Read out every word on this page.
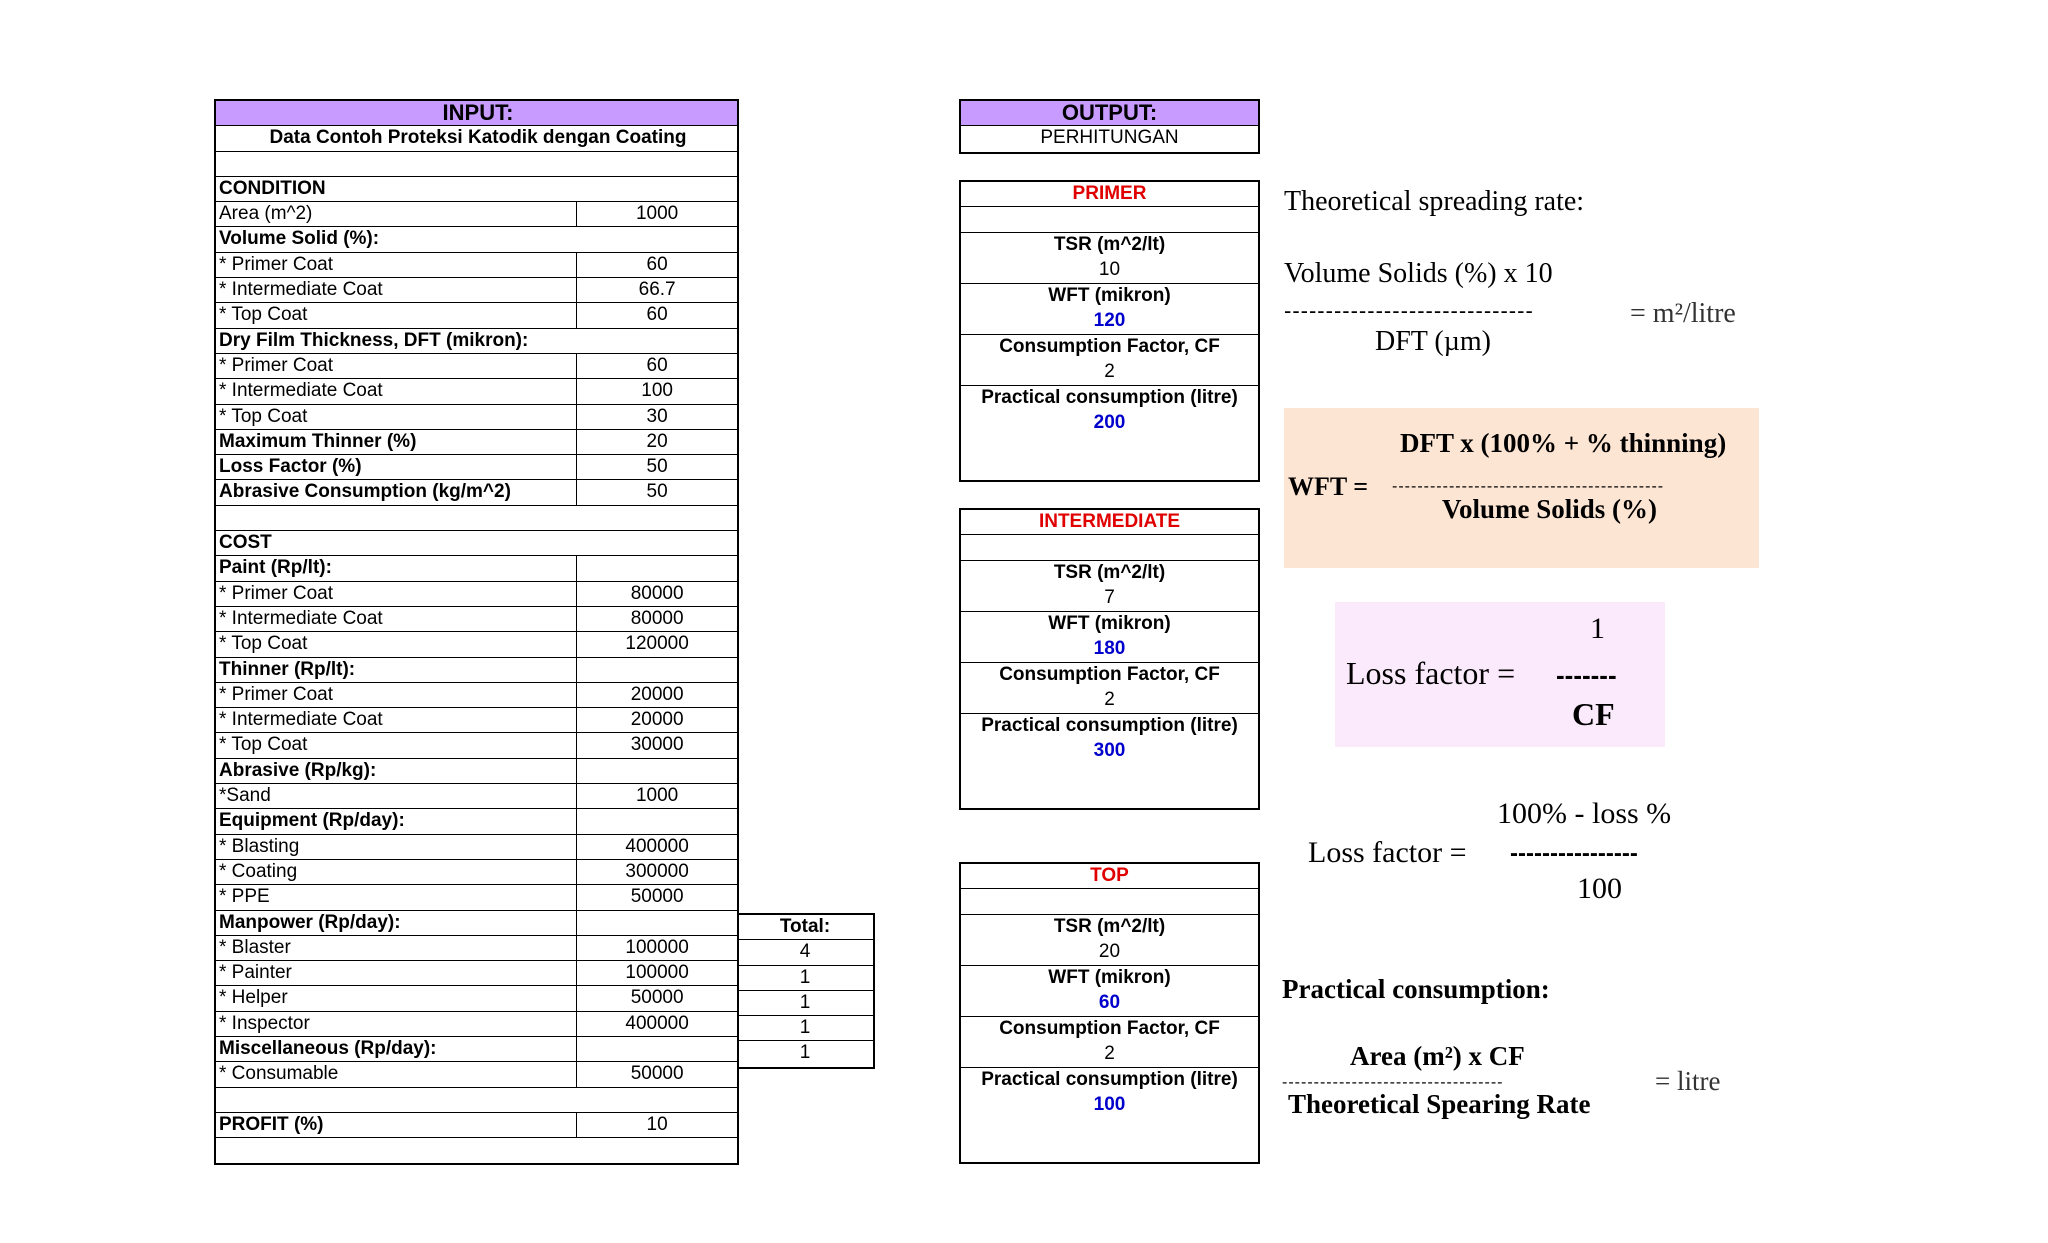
INPUT:
Data Contoh Proteksi Katodik dengan Coating
CONDITION
Area (m^2)	1000
Volume Solid (%):
* Primer Coat	60
* Intermediate Coat	66.7
* Top Coat	60
Dry Film Thickness, DFT (mikron):
* Primer Coat	60
* Intermediate Coat	100
* Top Coat	30
Maximum Thinner (%)	20
Loss Factor (%)	50
Abrasive Consumption (kg/m^2)	50
COST
Paint (Rp/lt):
* Primer Coat	80000
* Intermediate Coat	80000
* Top Coat	120000
Thinner (Rp/lt):
* Primer Coat	20000
* Intermediate Coat	20000
* Top Coat	30000
Abrasive (Rp/kg):
*Sand	1000
Equipment (Rp/day):
* Blasting	400000
* Coating	300000
* PPE	50000
Manpower (Rp/day):
* Blaster	100000
* Painter	100000
* Helper	50000
* Inspector	400000
Miscellaneous (Rp/day):
* Consumable	50000
PROFIT (%)	10
Total:
4
1
1
1
1
OUTPUT:
PERHITUNGAN
PRIMER
TSR (m^2/lt)
10
WFT (mikron)
120
Consumption Factor, CF
2
Practical consumption (litre)
200
INTERMEDIATE
TSR (m^2/lt)
7
WFT (mikron)
180
Consumption Factor, CF
2
Practical consumption (litre)
300
TOP
TSR (m^2/lt)
20
WFT (mikron)
60
Consumption Factor, CF
2
Practical consumption (litre)
100
Theoretical spreading rate:
Volume Solids (%) x 10
------------------------------	= m²/litre
DFT (µm)
DFT x (100% + % thinning)
WFT = -------------------------------------------
Volume Solids (%)
1
Loss factor = -------
CF
100% - loss %
Loss factor = ----------------
100
Practical consumption:
Area (m²) x CF
-----------------------------------	= litre
Theoretical Spearing Rate
